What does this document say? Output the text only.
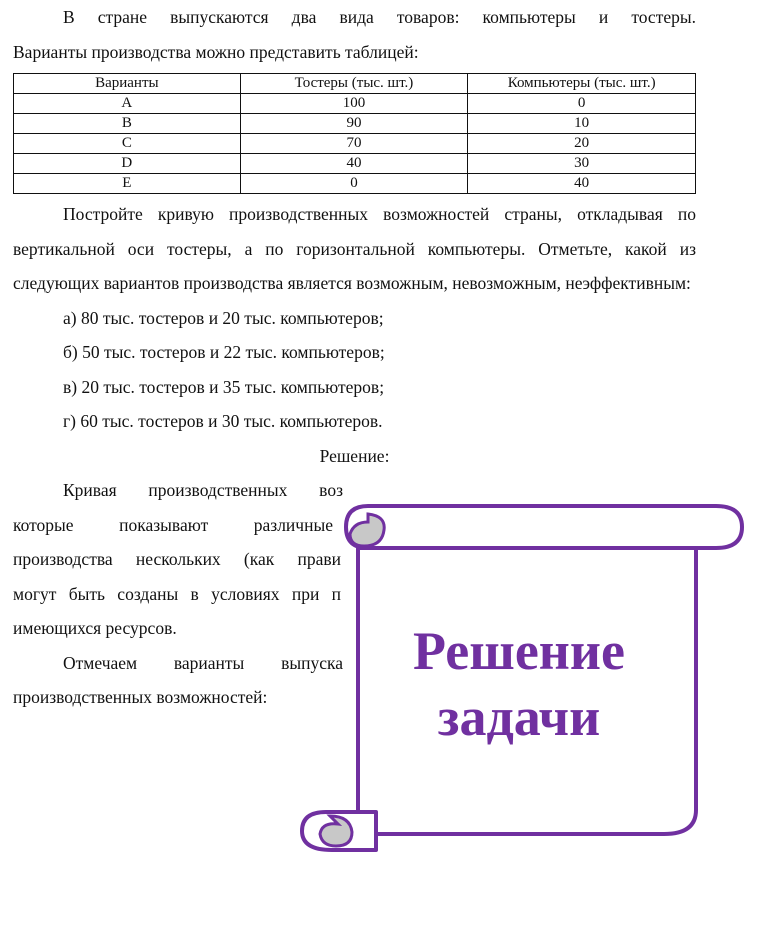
В стране выпускаются два вида товаров: компьютеры и тостеры.

Варианты производства можно представить таблицей:

Варианты	Тостеры (тыс. шт.)	Компьютеры (тыс. шт.)
A	100	0
B	90	10
C	70	20
D	40	30
E	0	40

Постройте кривую производственных возможностей страны, откладывая по вертикальной оси тостеры, а по горизонтальной компьютеры. Отметьте, какой из следующих вариантов производства является возможным, невозможным, неэффективным:

а) 80 тыс. тостеров и 20 тыс. компьютеров;

б) 50 тыс. тостеров и 22 тыс. компьютеров;

в) 20 тыс. тостеров и 35 тыс. компьютеров;

г) 60 тыс. тостеров и 30 тыс. компьютеров.

Решение:

Кривая производственных воз

которые показывают различные

производства нескольких (как прави

могут быть созданы в условиях при п

имеющихся ресурсов.

Отмечаем варианты выпуска

производственных возможностей:

Решение
задачи
